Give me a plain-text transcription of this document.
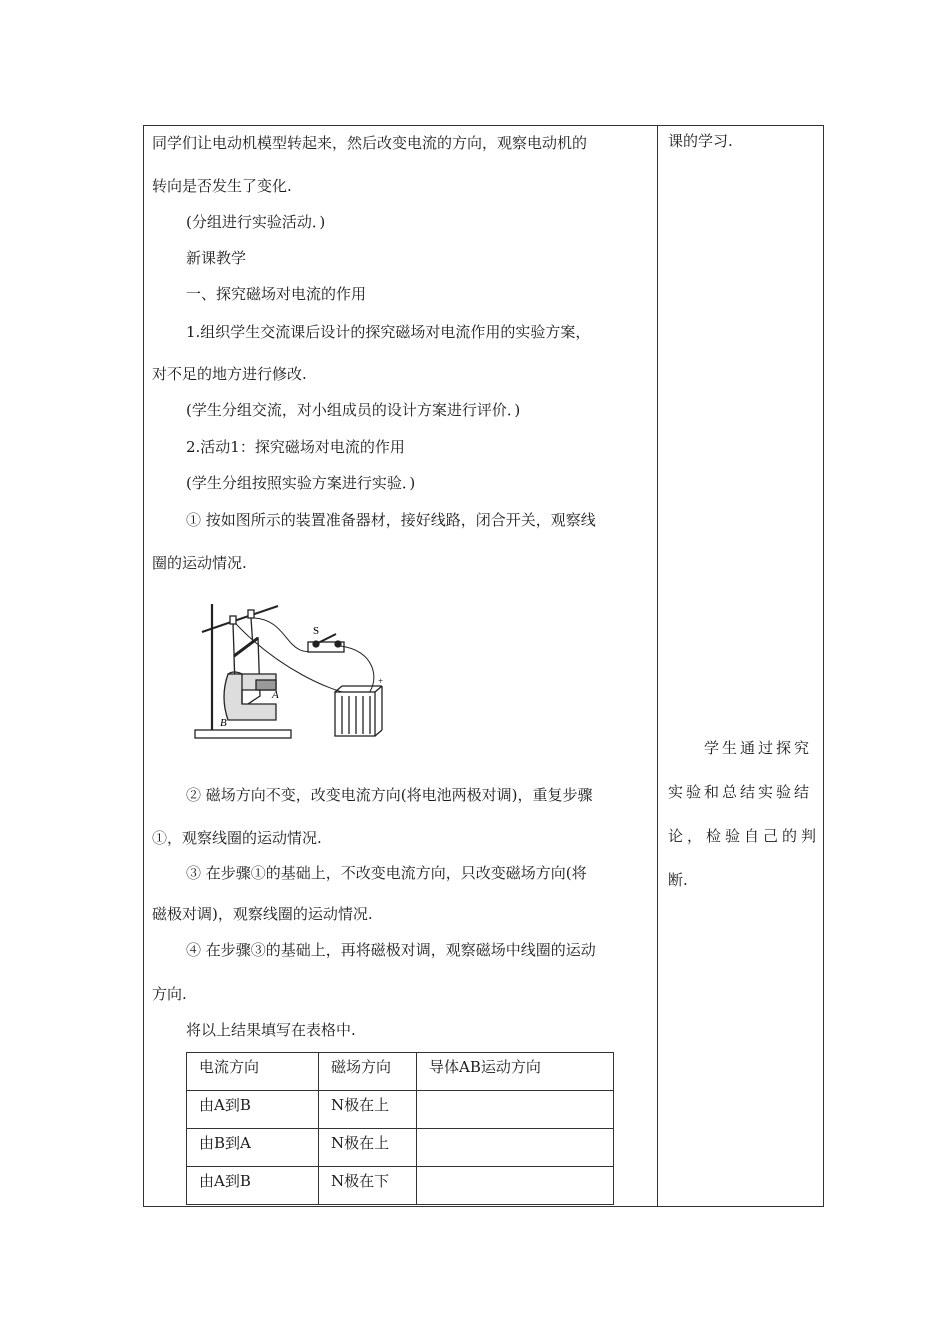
同学们让电动机模型转起来，然后改变电流的方向，观察电动机的

转向是否发生了变化.

(分组进行实验活动．)

新课教学

一、探究磁场对电流的作用

1.组织学生交流课后设计的探究磁场对电流作用的实验方案，

对不足的地方进行修改.

(学生分组交流，对小组成员的设计方案进行评价．)

2.活动1：探究磁场对电流的作用

(学生分组按照实验方案进行实验．)

① 按如图所示的装置准备器材，接好线路，闭合开关，观察线

圈的运动情况.

② 磁场方向不变，改变电流方向(将电池两极对调)，重复步骤

①，观察线圈的运动情况.

③ 在步骤①的基础上，不改变电流方向，只改变磁场方向(将

磁极对调)，观察线圈的运动情况.

④ 在步骤③的基础上，再将磁极对调，观察磁场中线圈的运动

方向.

将以上结果填写在表格中.

S
A
B
+
课的学习.

学生通过探究

实验和总结实验结

论，检验自己的判

断.

电流方向	磁场方向	导体AB运动方向
由A到B	N极在上	
由B到A	N极在上	
由A到B	N极在下	
